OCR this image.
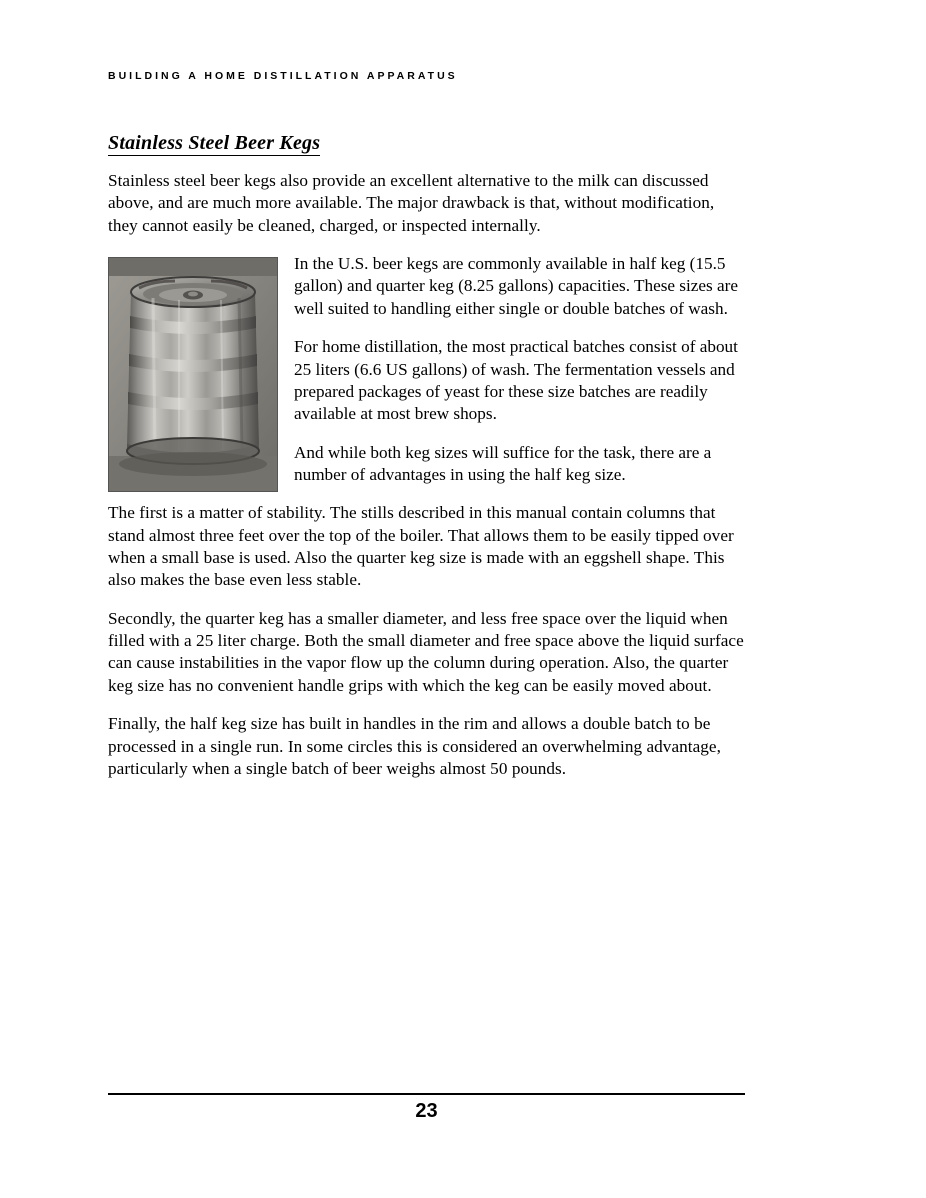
BUILDING A HOME DISTILLATION APPARATUS
Stainless Steel Beer Kegs

Stainless steel beer kegs also provide an excellent alternative to the milk can discussed above, and are much more available. The major drawback is that, without modification, they cannot easily be cleaned, charged, or inspected internally.

In the U.S. beer kegs are commonly available in half keg (15.5 gallon) and quarter keg (8.25 gallons) capacities. These sizes are well suited to handling either single or double batches of wash.

For home distillation, the most practical batches consist of about 25 liters (6.6 US gallons) of wash. The fermentation vessels and prepared packages of yeast for these size batches are readily available at most brew shops.

And while both keg sizes will suffice for the task, there are a number of advantages in using the half keg size.

The first is a matter of stability. The stills described in this manual contain columns that stand almost three feet over the top of the boiler. That allows them to be easily tipped over when a small base is used. Also the quarter keg size is made with an eggshell shape. This also makes the base even less stable.

Secondly, the quarter keg has a smaller diameter, and less free space over the liquid when filled with a 25 liter charge. Both the small diameter and free space above the liquid surface can cause instabilities in the vapor flow up the column during operation. Also, the quarter keg size has no convenient handle grips with which the keg can be easily moved about.

Finally, the half keg size has built in handles in the rim and allows a double batch to be processed in a single run. In some circles this is considered an overwhelming advantage, particularly when a single batch of beer weighs almost 50 pounds.

23
